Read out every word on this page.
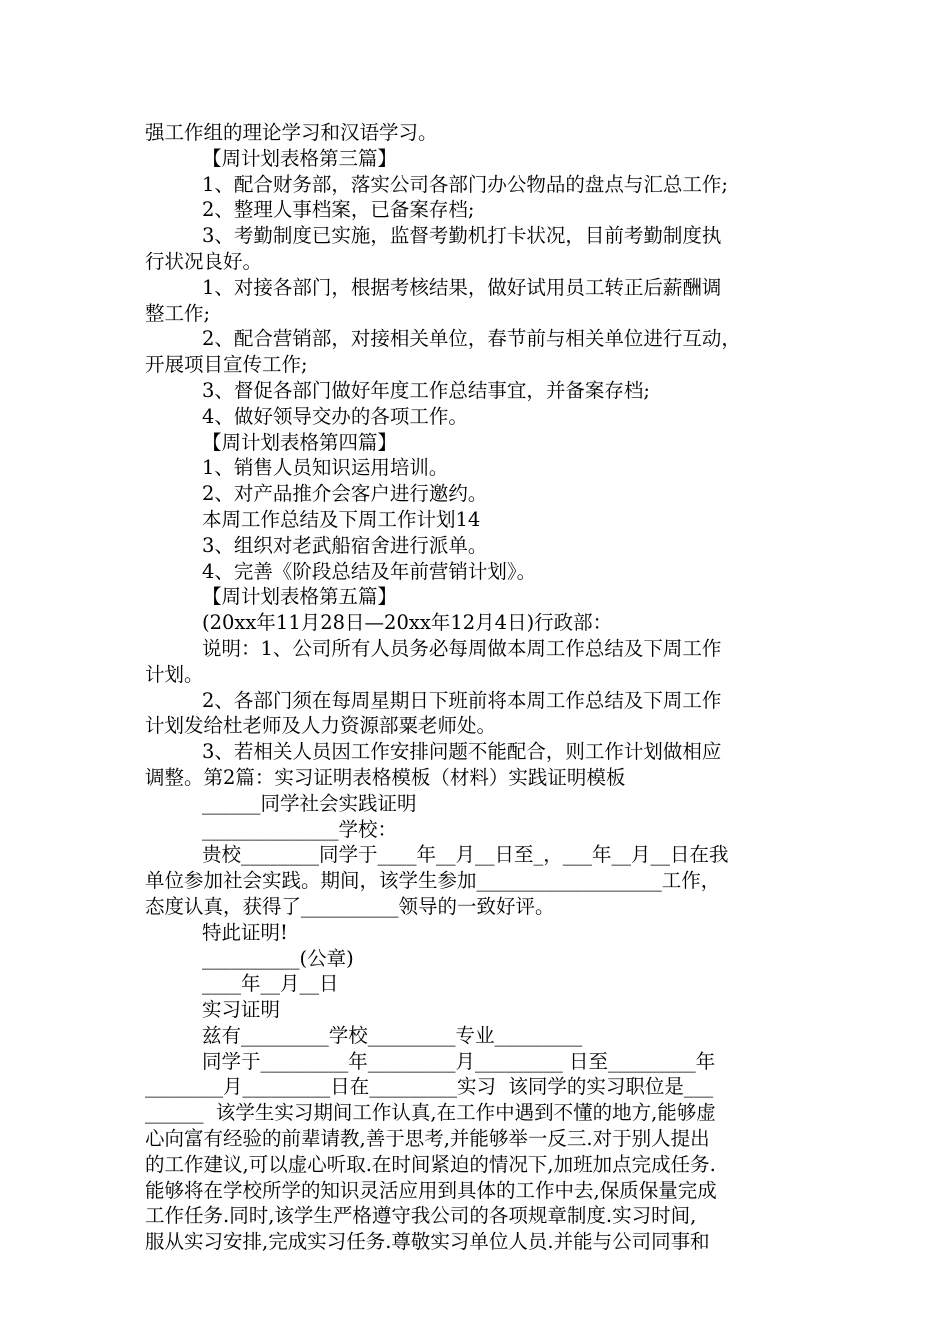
强工作组的理论学习和汉语学习。
【周计划表格第三篇】
1、配合财务部，落实公司各部门办公物品的盘点与汇总工作;
2、整理人事档案，已备案存档;
3、考勤制度已实施，监督考勤机打卡状况，目前考勤制度执
行状况良好。
1、对接各部门，根据考核结果，做好试用员工转正后薪酬调
整工作;
2、配合营销部，对接相关单位，春节前与相关单位进行互动，
开展项目宣传工作;
3、督促各部门做好年度工作总结事宜，并备案存档;
4、做好领导交办的各项工作。
【周计划表格第四篇】
1、销售人员知识运用培训。
2、对产品推介会客户进行邀约。
本周工作总结及下周工作计划14
3、组织对老武船宿舍进行派单。
4、完善《阶段总结及年前营销计划》。
【周计划表格第五篇】
(20xx年11月28日—20xx年12月4日)行政部：
说明：1、公司所有人员务必每周做本周工作总结及下周工作
计划。
2、各部门须在每周星期日下班前将本周工作总结及下周工作
计划发给杜老师及人力资源部粟老师处。
3、若相关人员因工作安排问题不能配合，则工作计划做相应
调整。第2篇：实习证明表格模板（材料）实践证明模板
______同学社会实践证明
______________学校：
贵校________同学于____年__月__日至_，___年__月__日在我
单位参加社会实践。期间，该学生参加___________________工作，
态度认真，获得了__________领导的一致好评。
特此证明!
__________(公章)
____年__月__日
实习证明
兹有_________学校_________专业_________
同学于_________年_________月_________ 日至_________年
________月_________日在_________实习  该同学的实习职位是___
______  该学生实习期间工作认真,在工作中遇到不懂的地方,能够虚
心向富有经验的前辈请教,善于思考,并能够举一反三.对于别人提出
的工作建议,可以虚心听取.在时间紧迫的情况下,加班加点完成任务.
能够将在学校所学的知识灵活应用到具体的工作中去,保质保量完成
工作任务.同时,该学生严格遵守我公司的各项规章制度.实习时间,
服从实习安排,完成实习任务.尊敬实习单位人员.并能与公司同事和
